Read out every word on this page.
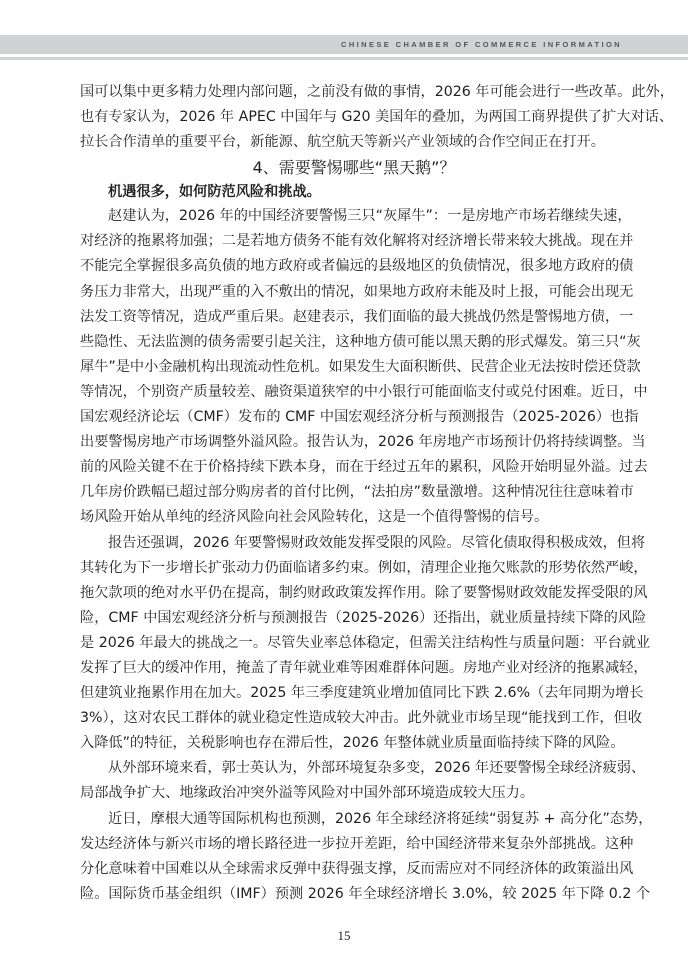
CHINESE CHAMBER OF COMMERCE INFORMATION
国可以集中更多精力处理内部问题，之前没有做的事情，2026 年可能会进行一些改革。此外，
也有专家认为，2026 年 APEC 中国年与 G20 美国年的叠加，为两国工商界提供了扩大对话、
拉长合作清单的重要平台，新能源、航空航天等新兴产业领域的合作空间正在打开。
4、需要警惕哪些“黑天鹅”？
机遇很多，如何防范风险和挑战。
赵建认为，2026 年的中国经济要警惕三只“灰犀牛”：一是房地产市场若继续失速，
对经济的拖累将加强；二是若地方债务不能有效化解将对经济增长带来较大挑战。现在并
不能完全掌握很多高负债的地方政府或者偏远的县级地区的负债情况，很多地方政府的债
务压力非常大，出现严重的入不敷出的情况，如果地方政府未能及时上报，可能会出现无
法发工资等情况，造成严重后果。赵建表示，我们面临的最大挑战仍然是警惕地方债，一
些隐性、无法监测的债务需要引起关注，这种地方债可能以黑天鹅的形式爆发。第三只“灰
犀牛”是中小金融机构出现流动性危机。如果发生大面积断供、民营企业无法按时偿还贷款
等情况，个别资产质量较差、融资渠道狭窄的中小银行可能面临支付或兑付困难。近日，中
国宏观经济论坛（CMF）发布的 CMF 中国宏观经济分析与预测报告（2025-2026）也指
出要警惕房地产市场调整外溢风险。报告认为，2026 年房地产市场预计仍将持续调整。当
前的风险关键不在于价格持续下跌本身，而在于经过五年的累积，风险开始明显外溢。过去
几年房价跌幅已超过部分购房者的首付比例，“法拍房”数量激增。这种情况往往意味着市
场风险开始从单纯的经济风险向社会风险转化，这是一个值得警惕的信号。
报告还强调，2026 年要警惕财政效能发挥受限的风险。尽管化债取得积极成效，但将
其转化为下一步增长扩张动力仍面临诸多约束。例如，清理企业拖欠账款的形势依然严峻，
拖欠款项的绝对水平仍在提高，制约财政政策发挥作用。除了要警惕财政效能发挥受限的风
险，CMF 中国宏观经济分析与预测报告（2025-2026）还指出，就业质量持续下降的风险
是 2026 年最大的挑战之一。尽管失业率总体稳定，但需关注结构性与质量问题：平台就业
发挥了巨大的缓冲作用，掩盖了青年就业难等困难群体问题。房地产业对经济的拖累减轻，
但建筑业拖累作用在加大。2025 年三季度建筑业增加值同比下跌 2.6%（去年同期为增长
3%），这对农民工群体的就业稳定性造成较大冲击。此外就业市场呈现“能找到工作，但收
入降低”的特征，关税影响也存在滞后性，2026 年整体就业质量面临持续下降的风险。
从外部环境来看，郭士英认为，外部环境复杂多变，2026 年还要警惕全球经济疲弱、
局部战争扩大、地缘政治冲突外溢等风险对中国外部环境造成较大压力。
近日，摩根大通等国际机构也预测，2026 年全球经济将延续“弱复苏 + 高分化”态势，
发达经济体与新兴市场的增长路径进一步拉开差距，给中国经济带来复杂外部挑战。这种
分化意味着中国难以从全球需求反弹中获得强支撑，反而需应对不同经济体的政策溢出风
险。国际货币基金组织（IMF）预测 2026 年全球经济增长 3.0%，较 2025 年下降 0.2 个
15
